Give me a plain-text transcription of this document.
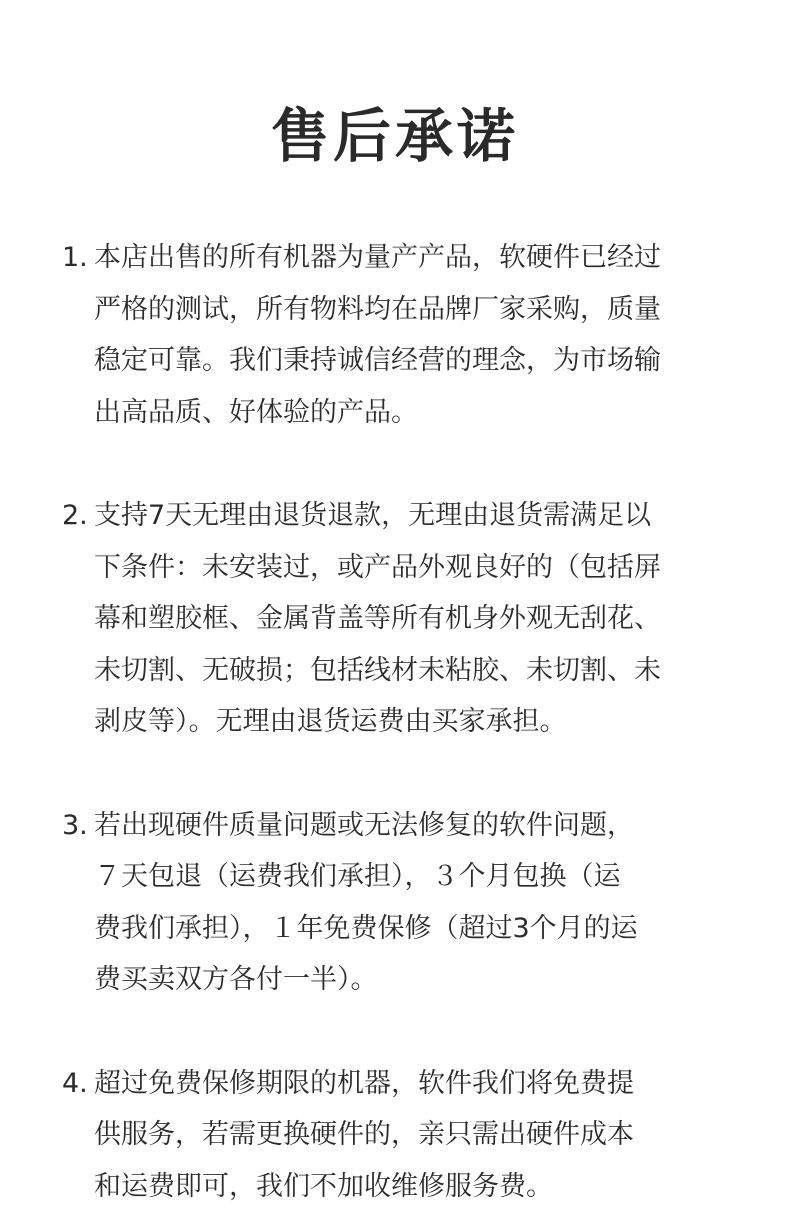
售后承诺
1. 本店出售的所有机器为量产产品，软硬件已经过
严格的测试，所有物料均在品牌厂家采购，质量
稳定可靠。我们秉持诚信经营的理念，为市场输
出高品质、好体验的产品。
2. 支持7天无理由退货退款，无理由退货需满足以
下条件：未安装过，或产品外观良好的（包括屏
幕和塑胶框、金属背盖等所有机身外观无刮花、
未切割、无破损；包括线材未粘胶、未切割、未
剥皮等）。无理由退货运费由买家承担。
3. 若出现硬件质量问题或无法修复的软件问题，
７天包退（运费我们承担），３个月包换（运
费我们承担），１年免费保修（超过3个月的运
费买卖双方各付一半）。
4. 超过免费保修期限的机器，软件我们将免费提
供服务，若需更换硬件的，亲只需出硬件成本
和运费即可，我们不加收维修服务费。
